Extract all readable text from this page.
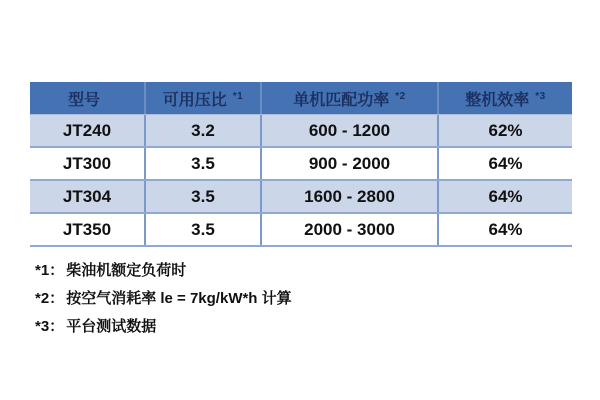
型号	可用压比 *1	单机匹配功率 *2	整机效率 *3
JT240	3.2	600 - 1200	62%
JT300	3.5	900 - 2000	64%
JT304	3.5	1600 - 2800	64%
JT350	3.5	2000 - 3000	64%
*1： 柴油机额定负荷时
*2： 按空气消耗率 le = 7kg/kW*h 计算
*3： 平台测试数据
